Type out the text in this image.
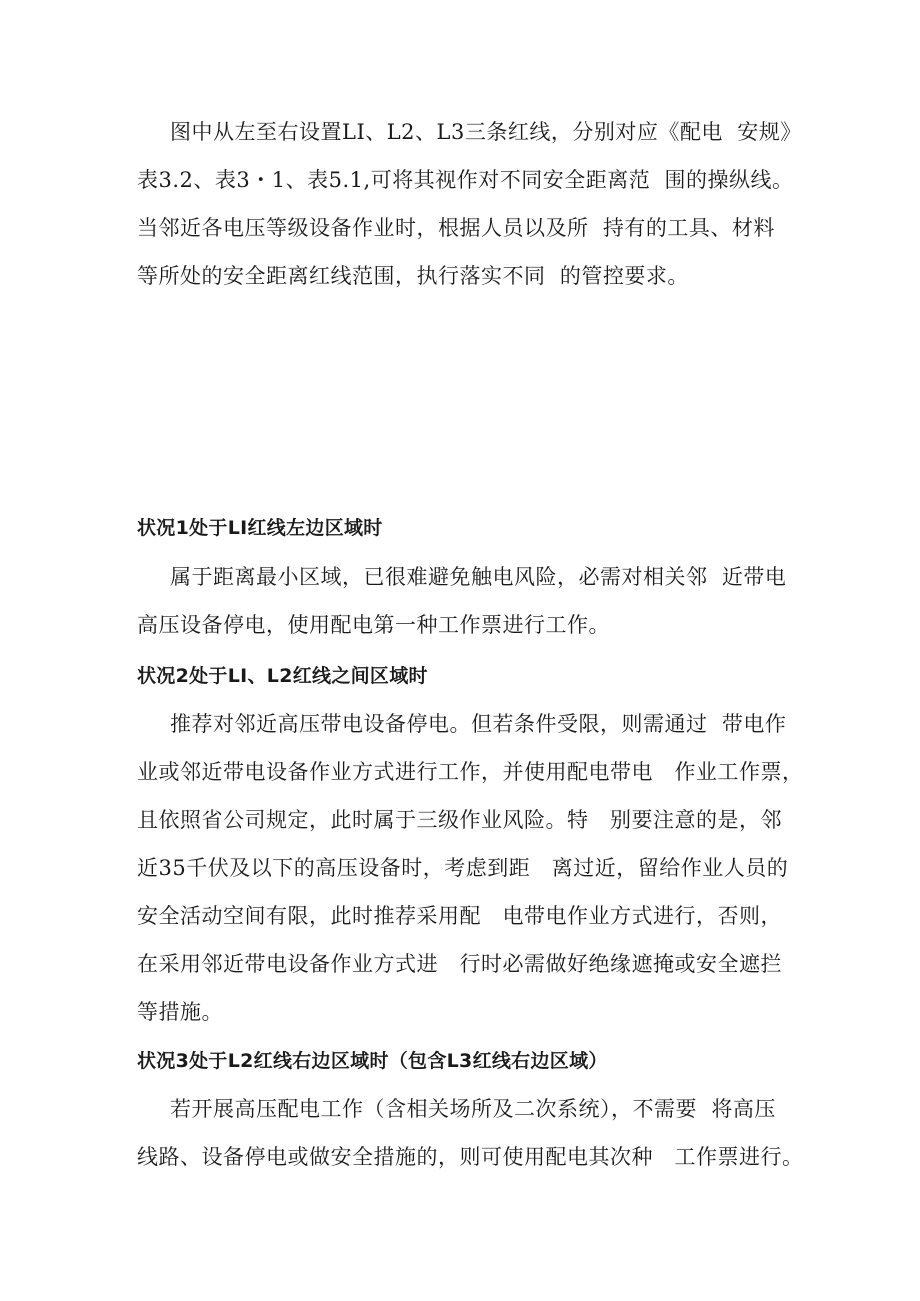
图中从左至右设置LI、L2、L3三条红线，分别对应《配电  安规》
表3.2、表3・1、表5.1,可将其视作对不同安全距离范  围的操纵线。
当邻近各电压等级设备作业时，根据人员以及所  持有的工具、材料
等所处的安全距离红线范围，执行落实不同  的管控要求。
状况1处于LI红线左边区域时
属于距离最小区域，已很难避免触电风险，必需对相关邻  近带电
高压设备停电，使用配电第一种工作票进行工作。
状况2处于LI、L2红线之间区域时
推荐对邻近高压带电设备停电。但若条件受限，则需通过  带电作
业或邻近带电设备作业方式进行工作，并使用配电带电   作业工作票，
且依照省公司规定，此时属于三级作业风险。特   别要注意的是，邻
近35千伏及以下的高压设备时，考虑到距   离过近，留给作业人员的
安全活动空间有限，此时推荐采用配   电带电作业方式进行，否则，
在采用邻近带电设备作业方式进   行时必需做好绝缘遮掩或安全遮拦
等措施。
状况3处于L2红线右边区域时（包含L3红线右边区域）
若开展高压配电工作（含相关场所及二次系统），不需要  将高压
线路、设备停电或做安全措施的，则可使用配电其次种   工作票进行。
